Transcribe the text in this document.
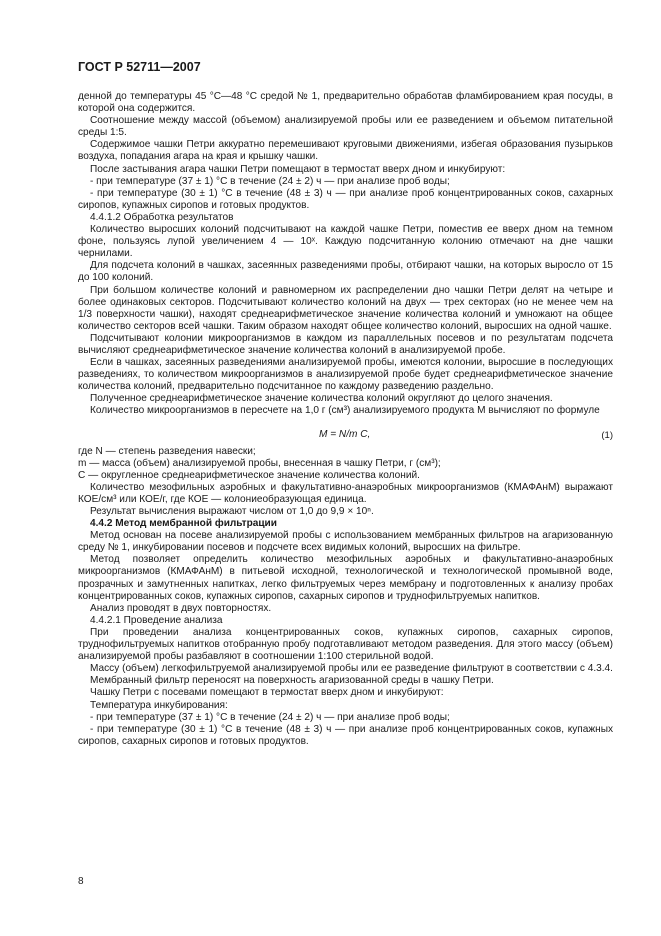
ГОСТ Р 52711—2007

денной до температуры 45 °С—48 °С средой № 1, предварительно обработав фламбированием края посуды, в которой она содержится.

Соотношение между массой (объемом) анализируемой пробы или ее разведением и объемом питательной среды 1:5.

Содержимое чашки Петри аккуратно перемешивают круговыми движениями, избегая образования пузырьков воздуха, попадания агара на края и крышку чашки.

После застывания агара чашки Петри помещают в термостат вверх дном и инкубируют:

- при температуре (37 ± 1) °С в течение (24 ± 2) ч — при анализе проб воды;

- при температуре (30 ± 1) °С в течение (48 ± 3) ч — при анализе проб концентрированных соков, сахарных сиропов, купажных сиропов и готовых продуктов.

4.4.1.2 Обработка результатов

Количество выросших колоний подсчитывают на каждой чашке Петри, поместив ее вверх дном на темном фоне, пользуясь лупой увеличением 4 — 10ˣ. Каждую подсчитанную колонию отмечают на дне чашки чернилами.

Для подсчета колоний в чашках, засеянных разведениями пробы, отбирают чашки, на которых выросло от 15 до 100 колоний.

При большом количестве колоний и равномерном их распределении дно чашки Петри делят на четыре и более одинаковых секторов. Подсчитывают количество колоний на двух — трех секторах (но не менее чем на 1/3 поверхности чашки), находят среднеарифметическое значение количества колоний и умножают на общее количество секторов всей чашки. Таким образом находят общее количество колоний, выросших на одной чашке.

Подсчитывают колонии микроорганизмов в каждом из параллельных посевов и по результатам подсчета вычисляют среднеарифметическое значение количества колоний в анализируемой пробе.

Если в чашках, засеянных разведениями анализируемой пробы, имеются колонии, выросшие в последующих разведениях, то количеством микроорганизмов в анализируемой пробе будет среднеарифметическое значение количества колоний, предварительно подсчитанное по каждому разведению раздельно.

Полученное среднеарифметическое значение количества колоний округляют до целого значения.

Количество микроорганизмов в пересчете на 1,0 г (см³) анализируемого продукта M вычисляют по формуле

M = N/m C,	(1)

где N — степень разведения навески;

m — масса (объем) анализируемой пробы, внесенная в чашку Петри, г (см³);

C — округленное среднеарифметическое значение количества колоний.

Количество мезофильных аэробных и факультативно-анаэробных микроорганизмов (КМАФАнМ) выражают КОЕ/см³ или КОЕ/г, где КОЕ — колониеобразующая единица.

Результат вычисления выражают числом от 1,0 до 9,9 × 10ⁿ.

4.4.2 Метод мембранной фильтрации

Метод основан на посеве анализируемой пробы с использованием мембранных фильтров на агаризованную среду № 1, инкубировании посевов и подсчете всех видимых колоний, выросших на фильтре.

Метод позволяет определить количество мезофильных аэробных и факультативно-анаэробных микроорганизмов (КМАФАнМ) в питьевой исходной, технологической и технологической промывной воде, прозрачных и замутненных напитках, легко фильтруемых через мембрану и подготовленных к анализу пробах концентрированных соков, купажных сиропов, сахарных сиропов и труднофильтруемых напитков.

Анализ проводят в двух повторностях.

4.4.2.1 Проведение анализа

При проведении анализа концентрированных соков, купажных сиропов, сахарных сиропов, труднофильтруемых напитков отобранную пробу подготавливают методом разведения. Для этого массу (объем) анализируемой пробы разбавляют в соотношении 1:100 стерильной водой.

Массу (объем) легкофильтруемой анализируемой пробы или ее разведение фильтруют в соответствии с 4.3.4.

Мембранный фильтр переносят на поверхность агаризованной среды в чашку Петри.

Чашку Петри с посевами помещают в термостат вверх дном и инкубируют:

Температура инкубирования:

- при температуре (37 ± 1) °С в течение (24 ± 2) ч — при анализе проб воды;

- при температуре (30 ± 1) °С в течение (48 ± 3) ч — при анализе проб концентрированных соков, купажных сиропов, сахарных сиропов и готовых продуктов.

8
